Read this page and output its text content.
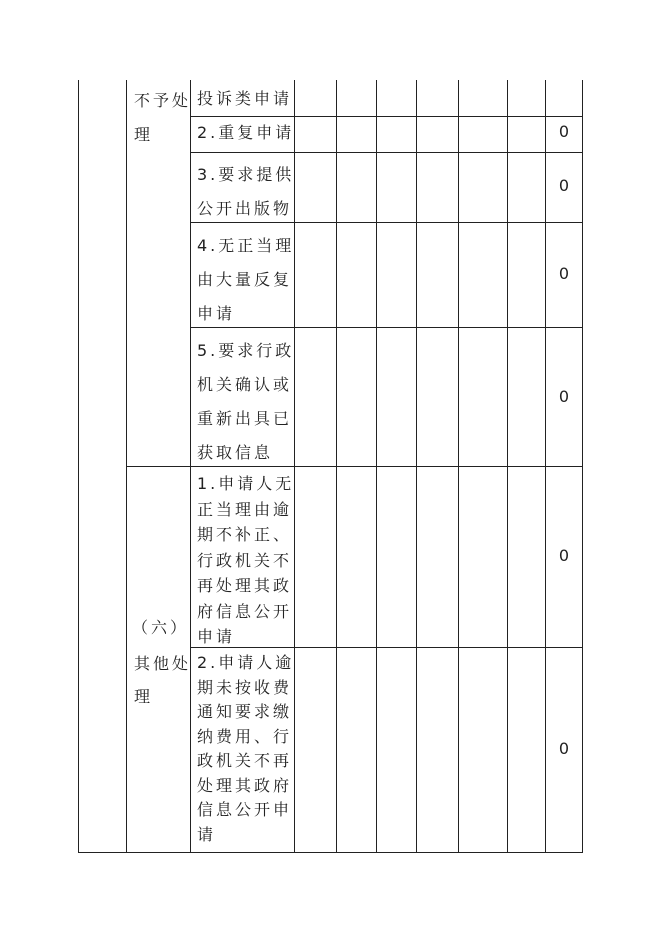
不予处
理
（六）
其他处
理
投诉类申请
2.重复申请	0
3.要求提供
公开出版物
0
4.无正当理
由大量反复
申请
0
5.要求行政
机关确认或
重新出具已
获取信息
0
1.申请人无
正当理由逾
期不补正、
行政机关不
再处理其政
府信息公开
申请
0
2.申请人逾
期未按收费
通知要求缴
纳费用、行
政机关不再
处理其政府
信息公开申
请
0
